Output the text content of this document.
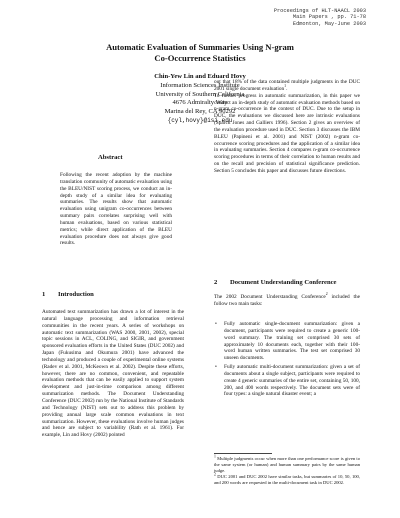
Proceedings of HLT-NAACL 2003
Main Papers , pp. 71-78
Edmonton, May-June 2003
Automatic Evaluation of Summaries Using N-gram
Co-Occurrence Statistics
Chin-Yew Lin and Eduard Hovy
Information Sciences Institute
University of Southern California
4676 Admiralty Way
Marina del Rey, CA 90292
{cyl,hovy}@isi.edu
Abstract

Following the recent adoption by the machine translation community of automatic evaluation using the BLEU/NIST scoring process, we conduct an in-depth study of a similar idea for evaluating summaries. The results show that automatic evaluation using unigram co-occurrences between summary pairs correlates surprising well with human evaluations, based on various statistical metrics; while direct application of the BLEU evaluation procedure does not always give good results.

1 Introduction

Automated text summarization has drawn a lot of interest in the natural language processing and information retrieval communities in the recent years. A series of workshops on automatic text summarization (WAS 2000, 2001, 2002), special topic sessions in ACL, COLING, and SIGIR, and government sponsored evaluation efforts in the United States (DUC 2002) and Japan (Fukusima and Okumura 2001) have advanced the technology and produced a couple of experimental online systems (Radev et al. 2001, McKeown et al. 2002). Despite these efforts, however, there are no common, convenient, and repeatable evaluation methods that can be easily applied to support system development and just-in-time comparison among different summarization methods. The Document Understanding Conference (DUC 2002) run by the National Institute of Standards and Technology (NIST) sets out to address this problem by providing annual large scale common evaluations in text summarization. However, these evaluations involve human judges and hence are subject to variability (Rath et al. 1961). For example, Lin and Hovy (2002) pointed

out that 18% of the data contained multiple judgments in the DUC 2001 single document evaluation$^1$.
To further progress in automatic summarization, in this paper we conduct an in-depth study of automatic evaluation methods based on n-gram co-occurrence in the context of DUC. Due to the setup in DUC, the evaluations we discussed here are intrinsic evaluations (Spärck Jones and Galliers 1996). Section 2 gives an overview of the evaluation procedure used in DUC. Section 3 discusses the IBM BLEU (Papineni et al. 2001) and NIST (2002) n-gram co-occurrence scoring procedures and the application of a similar idea in evaluating summaries. Section 4 compares n-gram co-occurrence scoring procedures in terms of their correlation to human results and on the recall and precision of statistical significance prediction. Section 5 concludes this paper and discusses future directions.
2 Document Understanding Conference

The 2002 Document Understanding Conference$^2$ included the follow two main tasks:

• Fully automatic single-document summarization: given a document, participants were required to create a generic 100-word summary. The training set comprised 30 sets of approximately 10 documents each, together with their 100-word human written summaries. The test set comprised 30 unseen documents.
• Fully automatic multi-document summarization: given a set of documents about a single subject, participants were required to create 4 generic summaries of the entire set, containing 50, 100, 200, and 400 words respectively. The document sets were of four types: a single natural disaster event; a
$^1$ Multiple judgments occur when more than one performance score is given to the same system (or human) and human summary pairs by the same human judge.
$^2$ DUC 2001 and DUC 2002 have similar tasks, but summaries of 10, 50, 100, and 200 words are requested in the multi-document task in DUC 2002.
